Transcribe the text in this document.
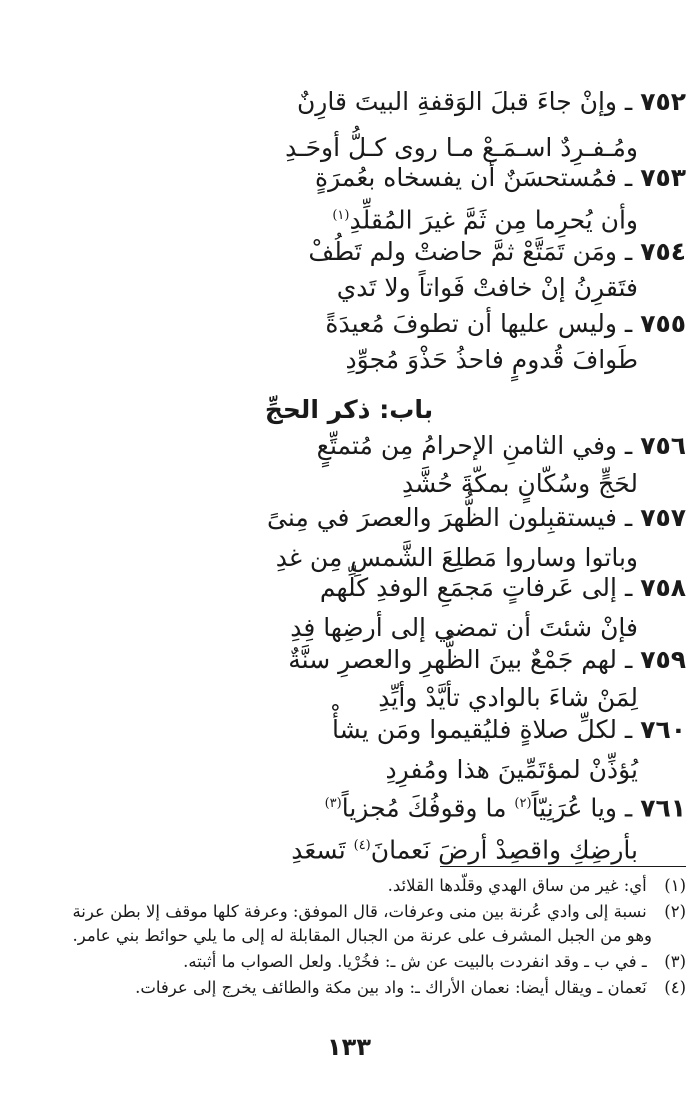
٧٥٢ ـ وإنْ جاءَ قبلَ الوَقفةِ البيتَ قارِنٌ
ومُـفـرِدٌ اسـمَـعْ مـا روى كـلُّ أوحَـدِ
٧٥٣ ـ فمُستحسَنٌ أن يفسخاه بعُمرَةٍ
وأن يُحرِما مِن ثَمَّ غيرَ المُقلِّدِ$^{(١)}$
٧٥٤ ـ ومَن تَمَتَّعْ ثمَّ حاضتْ ولم تَطُفْ
فتَقرِنُ إنْ خافتْ فَواتاً ولا تَدي
٧٥٥ ـ وليس عليها أن تطوفَ مُعيدَةً
طَوافَ قُدومٍ فاحذُ حَذْوَ مُجوِّدِ
باب: ذكر الحجِّ
٧٥٦ ـ وفي الثامنِ الإحرامُ مِن مُتمتِّعٍ
لحَجٍّ وسُكّانٍ بمكّةَ حُشَّدِ
٧٥٧ ـ فيستقبِلون الظُّهرَ والعصرَ في مِنىً
وباتوا وساروا مَطلِعَ الشَّمسِ مِن غدِ
٧٥٨ ـ إلى عَرفاتٍ مَجمَعِ الوفدِ كلِّهم
فإنْ شئتَ أن تمضي إلى أرضِها فِدِ
٧٥٩ ـ لهم جَمْعٌ بينَ الظُّهرِ والعصرِ سنَّةٌ
لِمَنْ شاءَ بالوادي تأيَّدْ وأيِّدِ
٧٦٠ ـ لكلِّ صلاةٍ فليُقيموا ومَن يشأْ
يُؤذِّنْ لمؤتَمِّينَ هذا ومُفرِدِ
٧٦١ ـ ويا عُرَنِيّاً$^{(٢)}$ ما وقوفُكَ مُجزياً$^{(٣)}$
بأرضِكِ واقصِدْ أرضَ نَعمانَ$^{(٤)}$ تَسعَدِ
(١) أي: غير من ساق الهدي وقلّدها القلائد.
(٢) نسبة إلى وادي عُرنة بين منى وعرفات، قال الموفق: وعرفة كلها موقف إلا بطن عرنة
وهو من الجبل المشرف على عرنة من الجبال المقابلة له إلى ما يلي حوائط بني عامر.
(٣) ـ في ب ـ وقد انفردت بالبيت عن ش ـ: فخُرْيا. ولعل الصواب ما أثبته.
(٤) نَعمان ـ ويقال أيضا: نعمان الأراك ـ: واد بين مكة والطائف يخرج إلى عرفات.
١٣٣
